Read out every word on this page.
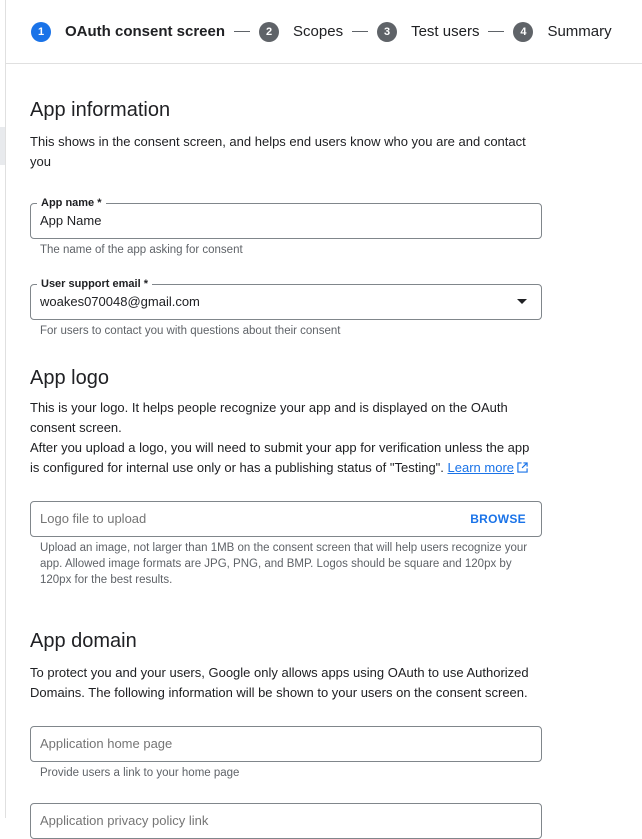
1	OAuth consent screen	2	Scopes	3	Test users	4	Summary
App information

This shows in the consent screen, and helps end users know who you are and contact you

App name *
App Name

The name of the app asking for consent

User support email *
woakes070048@gmail.com

For users to contact you with questions about their consent

App logo

This is your logo. It helps people recognize your app and is displayed on the OAuth consent screen.

After you upload a logo, you will need to submit your app for verification unless the app is configured for internal use only or has a publishing status of "Testing". Learn more

Logo file to upload	BROWSE

Upload an image, not larger than 1MB on the consent screen that will help users recognize your app. Allowed image formats are JPG, PNG, and BMP. Logos should be square and 120px by 120px for the best results.

App domain

To protect you and your users, Google only allows apps using OAuth to use Authorized Domains. The following information will be shown to your users on the consent screen.

Application home page

Provide users a link to your home page

Application privacy policy link
